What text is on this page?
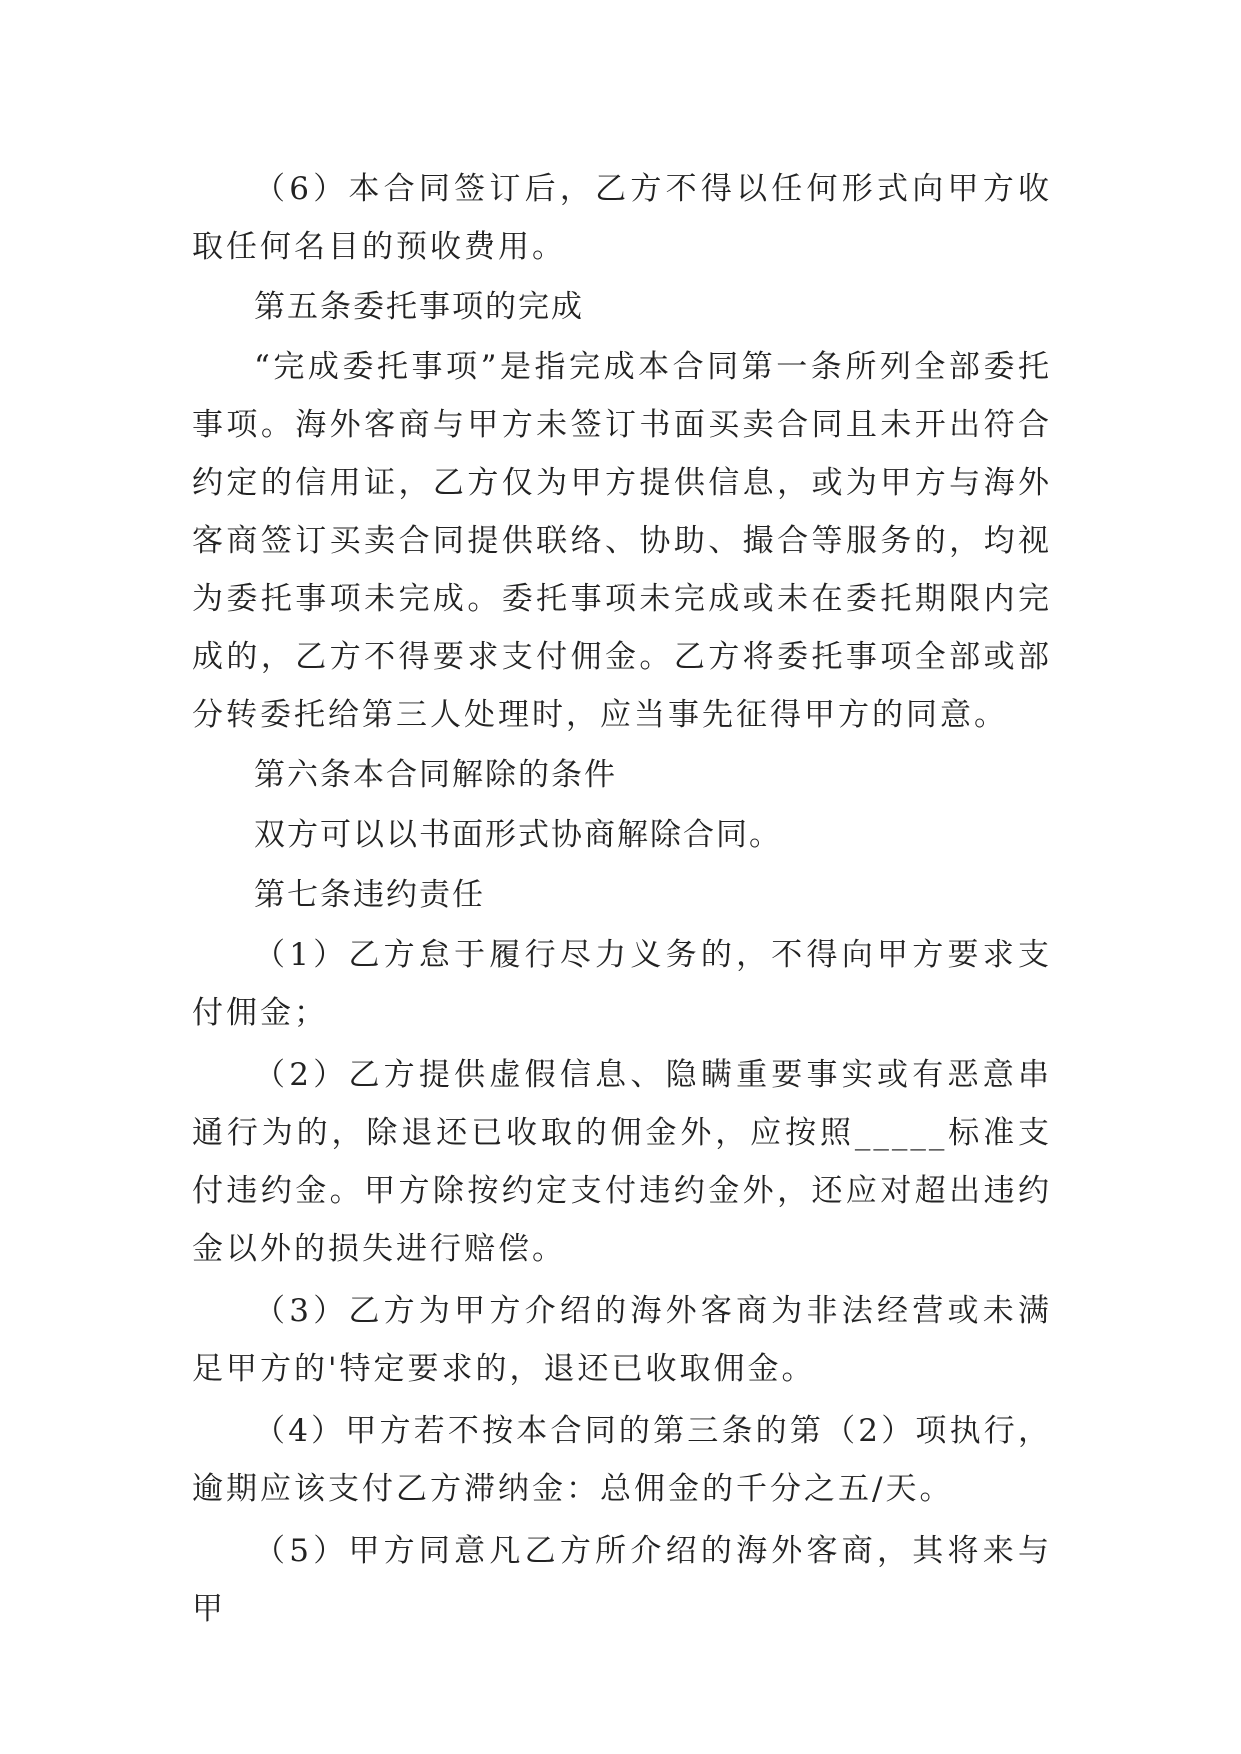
（6）本合同签订后，乙方不得以任何形式向甲方收取任何名目的预收费用。

第五条委托事项的完成

“完成委托事项”是指完成本合同第一条所列全部委托事项。海外客商与甲方未签订书面买卖合同且未开出符合约定的信用证，乙方仅为甲方提供信息，或为甲方与海外客商签订买卖合同提供联络、协助、撮合等服务的，均视为委托事项未完成。委托事项未完成或未在委托期限内完成的，乙方不得要求支付佣金。乙方将委托事项全部或部分转委托给第三人处理时，应当事先征得甲方的同意。

第六条本合同解除的条件

双方可以以书面形式协商解除合同。

第七条违约责任

（1）乙方怠于履行尽力义务的，不得向甲方要求支付佣金；

（2）乙方提供虚假信息、隐瞒重要事实或有恶意串通行为的，除退还已收取的佣金外，应按照_____标准支付违约金。甲方除按约定支付违约金外，还应对超出违约金以外的损失进行赔偿。

（3）乙方为甲方介绍的海外客商为非法经营或未满足甲方的'特定要求的，退还已收取佣金。

（4）甲方若不按本合同的第三条的第（2）项执行，逾期应该支付乙方滞纳金：总佣金的千分之五/天。

（5）甲方同意凡乙方所介绍的海外客商，其将来与甲
